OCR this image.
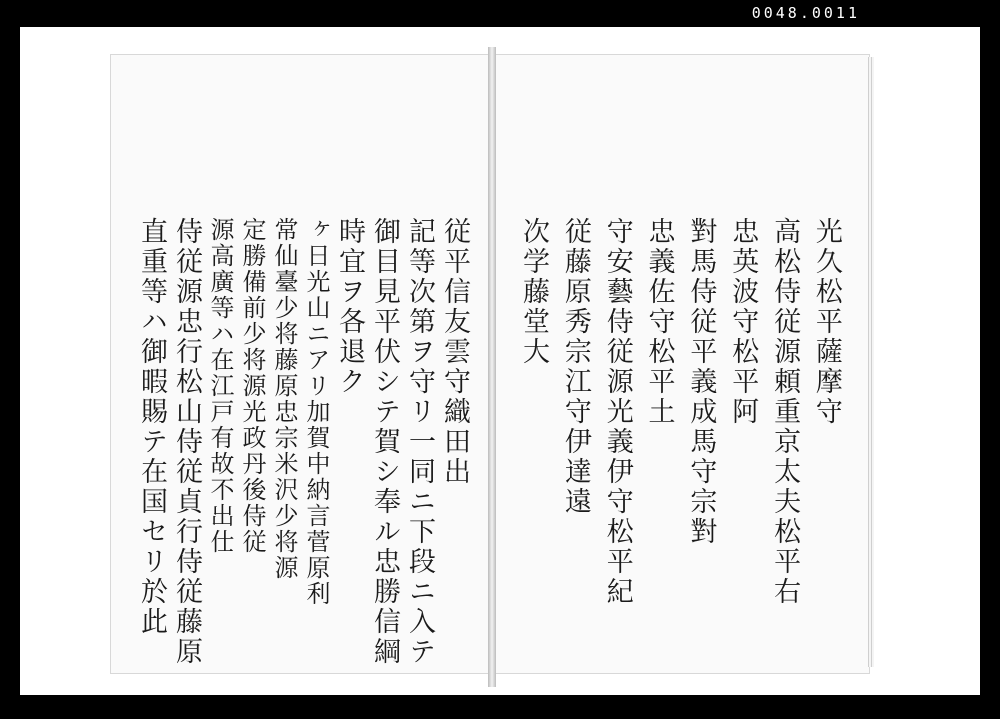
0048.0011
光久松平薩摩守
高松侍従源頼重京太夫松平右
忠英波守松平阿
對馬侍従平義成馬守宗對
忠義佐守松平土
守安藝侍従源光義伊守松平紀
従藤原秀宗江守伊達遠
次学藤堂大
従平信友雲守織田出
記等次第ヲ守リ一同ニ下段ニ入テ
御目見平伏シテ賀シ奉ル忠勝信綱
時宜ヲ各退ク
ヶ日光山ニアリ加賀中納言菅原利
常仙臺少将藤原忠宗米沢少将源
定勝備前少将源光政丹後侍従
源高廣等ハ在江戸有故不出仕
侍従源忠行松山侍従貞行侍従藤原
直重等ハ御暇賜テ在国セリ於此
